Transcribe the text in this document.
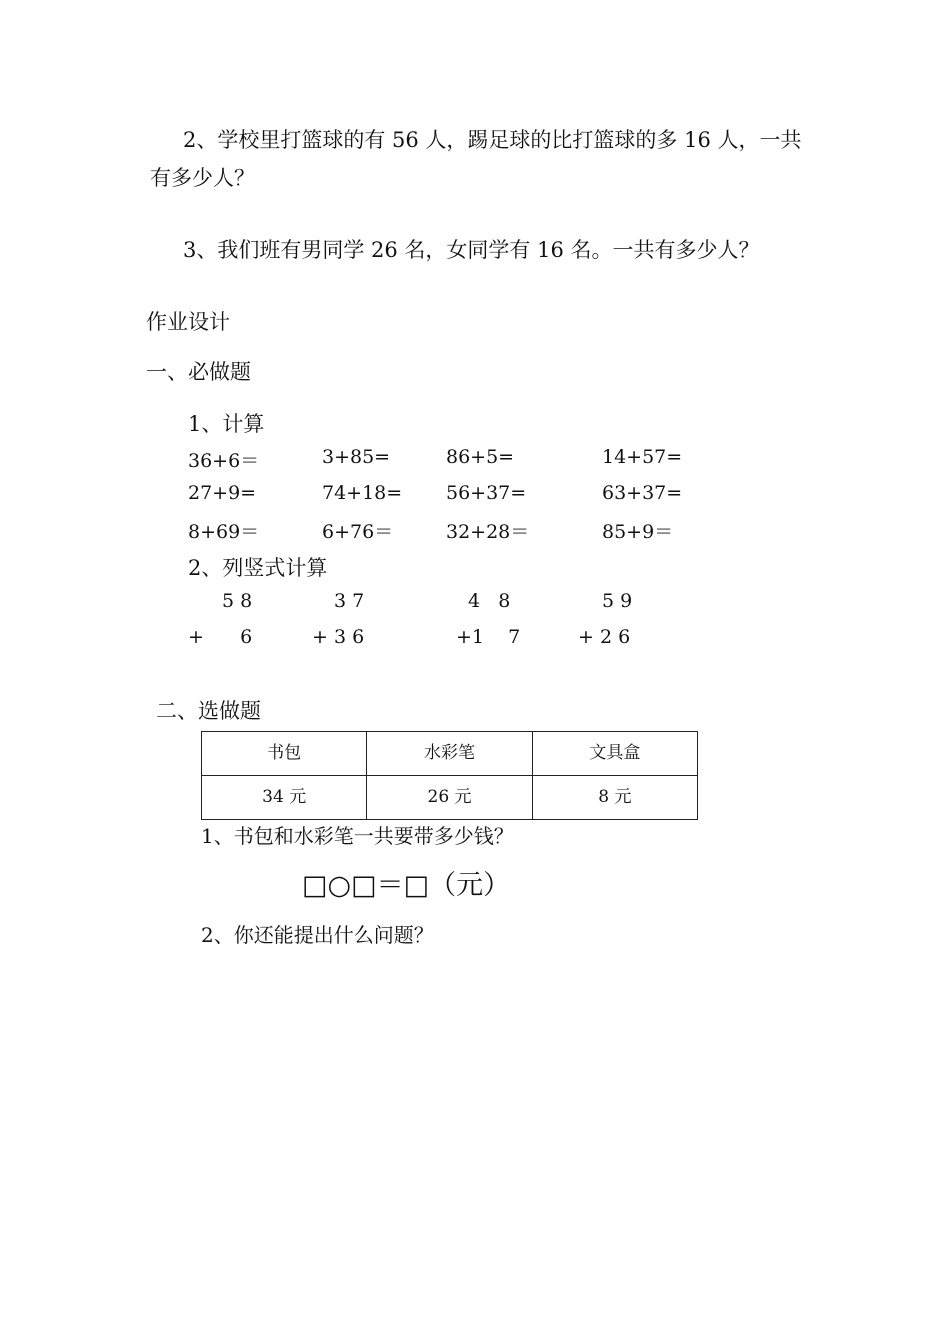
2、学校里打篮球的有 56 人，踢足球的比打篮球的多 16 人，一共
有多少人？
3、我们班有男同学 26 名，女同学有 16 名。一共有多少人？
作业设计
一、必做题
1、计算
36+6＝	3+85=	86+5=	14+57=
27+9=	74+18= 56+37=	63+37=
8+69＝	6+76＝	32+28＝	85+9＝
2、列竖式计算
5 8	3 7	4   8	5 9
+      6	+ 3 6	+1    7	+ 2 6
二、选做题
书包	水彩笔	文具盒
34 元	26 元	8 元
1、书包和水彩笔一共要带多少钱？
□○□＝□（元）
2、你还能提出什么问题？
